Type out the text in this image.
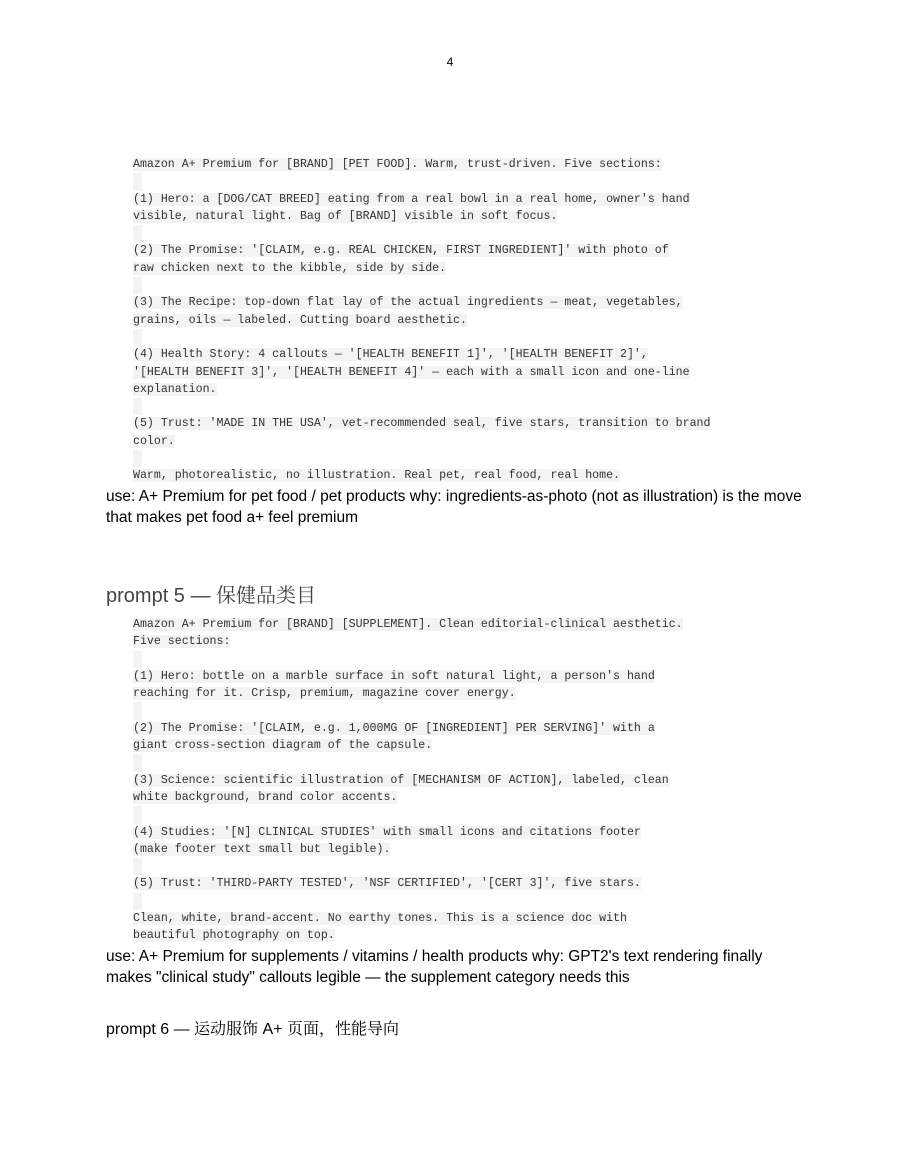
4
Amazon A+ Premium for [BRAND] [PET FOOD]. Warm, trust-driven. Five sections:
(1) Hero: a [DOG/CAT BREED] eating from a real bowl in a real home, owner's hand
visible, natural light. Bag of [BRAND] visible in soft focus.
(2) The Promise: '[CLAIM, e.g. REAL CHICKEN, FIRST INGREDIENT]' with photo of
raw chicken next to the kibble, side by side.
(3) The Recipe: top-down flat lay of the actual ingredients — meat, vegetables,
grains, oils — labeled. Cutting board aesthetic.
(4) Health Story: 4 callouts — '[HEALTH BENEFIT 1]', '[HEALTH BENEFIT 2]',
'[HEALTH BENEFIT 3]', '[HEALTH BENEFIT 4]' — each with a small icon and one-line
explanation.
(5) Trust: 'MADE IN THE USA', vet-recommended seal, five stars, transition to brand
color.
Warm, photorealistic, no illustration. Real pet, real food, real home.
use: A+ Premium for pet food / pet products why: ingredients-as-photo (not as illustration) is the move that makes pet food a+ feel premium
prompt 5 — 保健品类目
Amazon A+ Premium for [BRAND] [SUPPLEMENT]. Clean editorial-clinical aesthetic.
Five sections:
(1) Hero: bottle on a marble surface in soft natural light, a person's hand
reaching for it. Crisp, premium, magazine cover energy.
(2) The Promise: '[CLAIM, e.g. 1,000MG OF [INGREDIENT] PER SERVING]' with a
giant cross-section diagram of the capsule.
(3) Science: scientific illustration of [MECHANISM OF ACTION], labeled, clean
white background, brand color accents.
(4) Studies: '[N] CLINICAL STUDIES' with small icons and citations footer
(make footer text small but legible).
(5) Trust: 'THIRD-PARTY TESTED', 'NSF CERTIFIED', '[CERT 3]', five stars.
Clean, white, brand-accent. No earthy tones. This is a science doc with
beautiful photography on top.
use: A+ Premium for supplements / vitamins / health products why: GPT2's text rendering finally makes "clinical study" callouts legible — the supplement category needs this
prompt 6 — 运动服饰 A+ 页面，性能导向
